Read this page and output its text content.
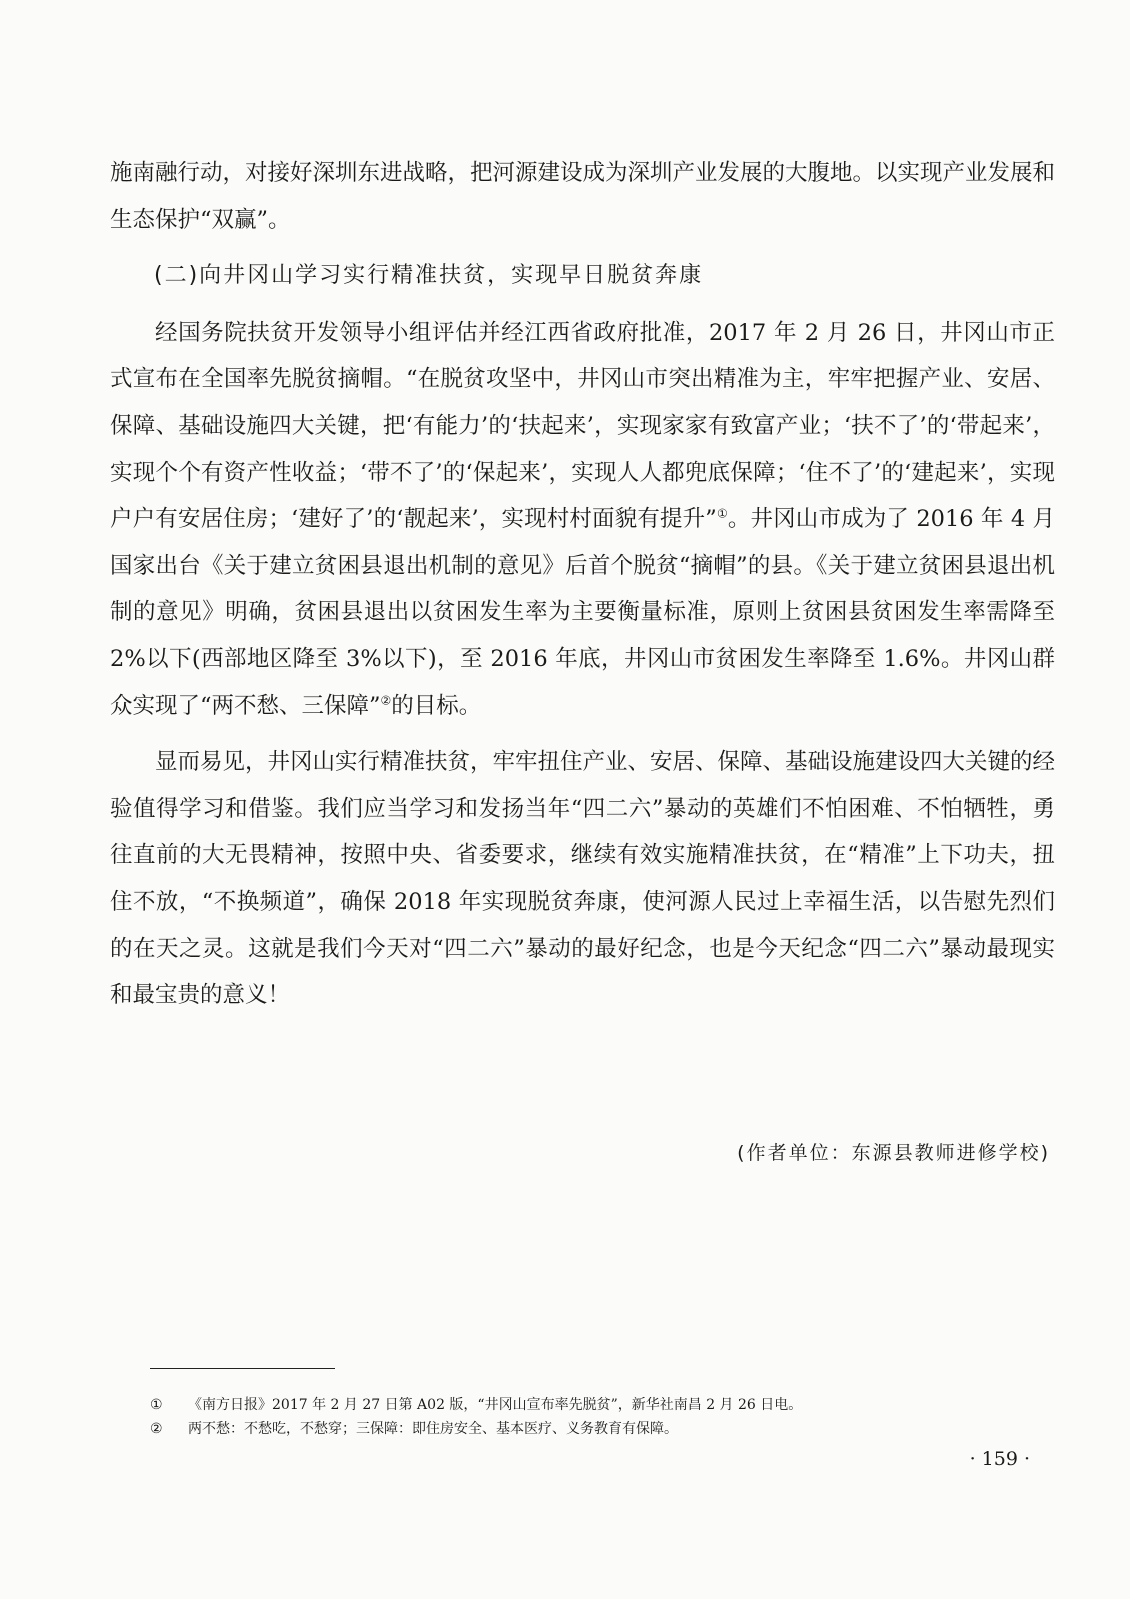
施南融行动，对接好深圳东进战略，把河源建设成为深圳产业发展的大腹地。以实现产业发展和生态保护“双赢”。

(二)向井冈山学习实行精准扶贫，实现早日脱贫奔康

经国务院扶贫开发领导小组评估并经江西省政府批准，2017 年 2 月 26 日，井冈山市正式宣布在全国率先脱贫摘帽。“在脱贫攻坚中，井冈山市突出精准为主，牢牢把握产业、安居、保障、基础设施四大关键，把‘有能力’的‘扶起来’，实现家家有致富产业；‘扶不了’的‘带起来’，实现个个有资产性收益；‘带不了’的‘保起来’，实现人人都兜底保障；‘住不了’的‘建起来’，实现户户有安居住房；‘建好了’的‘靓起来’，实现村村面貌有提升”①。井冈山市成为了 2016 年 4 月国家出台《关于建立贫困县退出机制的意见》后首个脱贫“摘帽”的县。《关于建立贫困县退出机制的意见》明确，贫困县退出以贫困发生率为主要衡量标准，原则上贫困县贫困发生率需降至 2%以下(西部地区降至 3%以下)，至 2016 年底，井冈山市贫困发生率降至 1.6%。井冈山群众实现了“两不愁、三保障”②的目标。

显而易见，井冈山实行精准扶贫，牢牢扭住产业、安居、保障、基础设施建设四大关键的经验值得学习和借鉴。我们应当学习和发扬当年“四二六”暴动的英雄们不怕困难、不怕牺牲，勇往直前的大无畏精神，按照中央、省委要求，继续有效实施精准扶贫，在“精准”上下功夫，扭住不放，“不换频道”，确保 2018 年实现脱贫奔康，使河源人民过上幸福生活，以告慰先烈们的在天之灵。这就是我们今天对“四二六”暴动的最好纪念，也是今天纪念“四二六”暴动最现实和最宝贵的意义！

(作者单位：东源县教师进修学校)
①	《南方日报》2017 年 2 月 27 日第 A02 版，“井冈山宣布率先脱贫”，新华社南昌 2 月 26 日电。
②	两不愁：不愁吃，不愁穿；三保障：即住房安全、基本医疗、义务教育有保障。
· 159 ·
